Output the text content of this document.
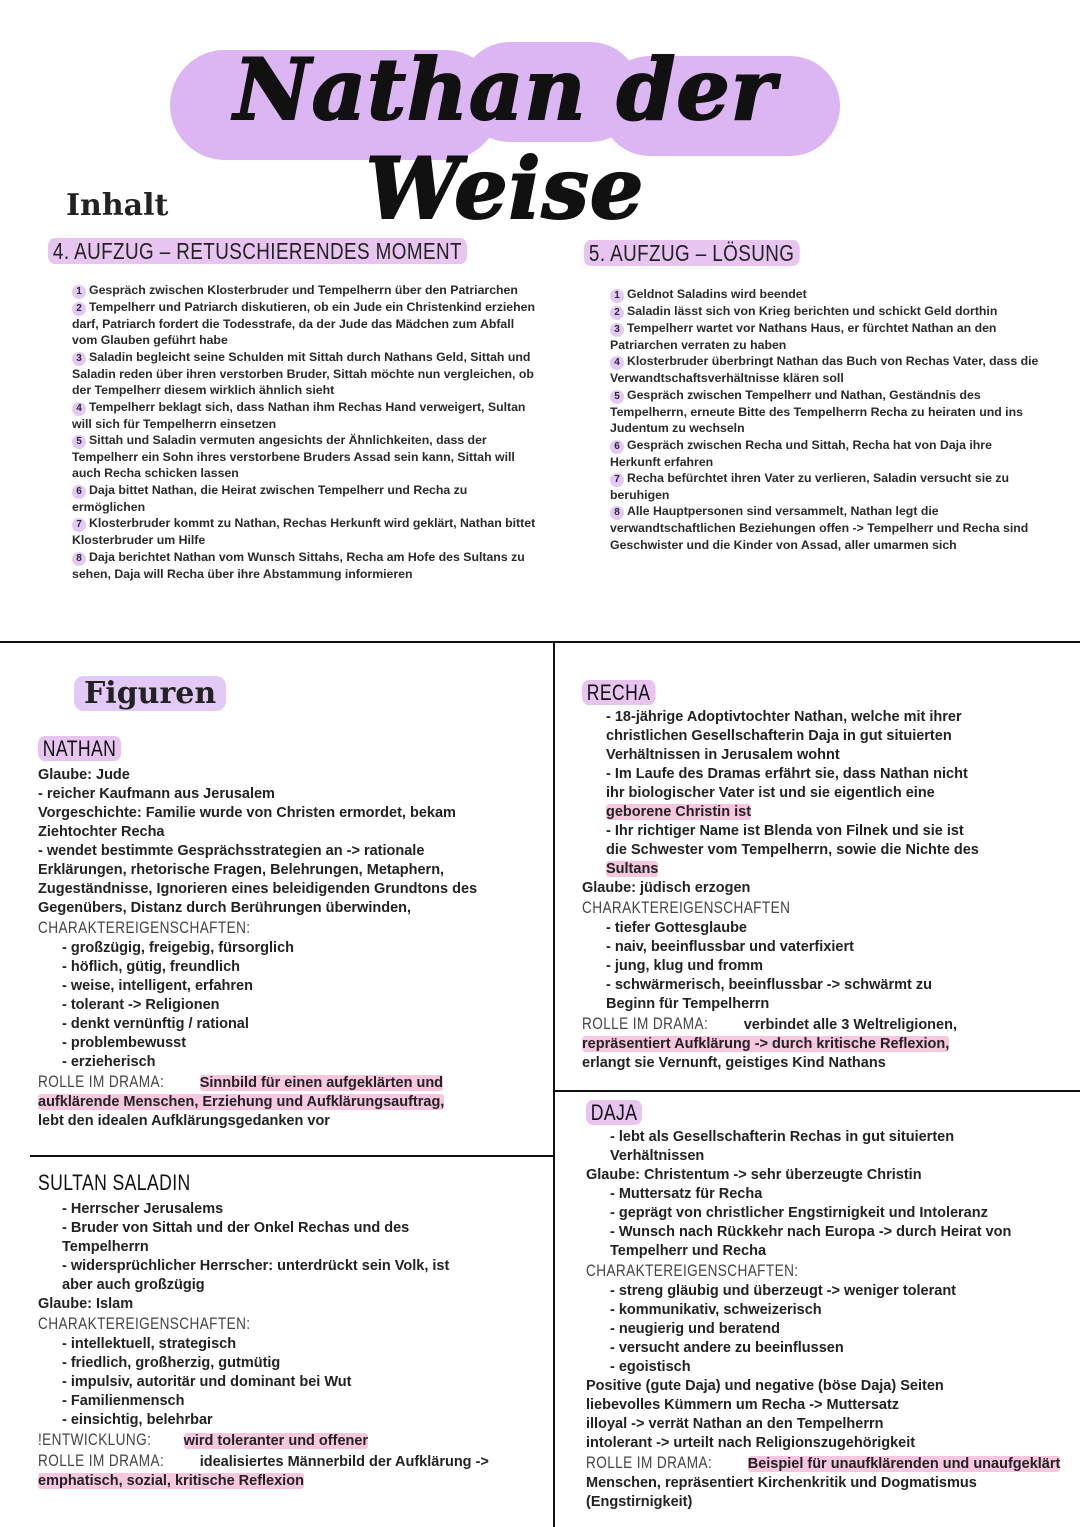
Nathan der Weise
Inhalt
4. AUFZUG – RETUSCHIERENDES MOMENT

1 Gespräch zwischen Klosterbruder und Tempelherrn über den Patriarchen

2 Tempelherr und Patriarch diskutieren, ob ein Jude ein Christenkind erziehen darf, Patriarch fordert die Todesstrafe, da der Jude das Mädchen zum Abfall vom Glauben geführt habe

3 Saladin begleicht seine Schulden mit Sittah durch Nathans Geld, Sittah und Saladin reden über ihren verstorben Bruder, Sittah möchte nun vergleichen, ob der Tempelherr diesem wirklich ähnlich sieht

4 Tempelherr beklagt sich, dass Nathan ihm Rechas Hand verweigert, Sultan will sich für Tempelherrn einsetzen

5 Sittah und Saladin vermuten angesichts der Ähnlichkeiten, dass der Tempelherr ein Sohn ihres verstorbene Bruders Assad sein kann, Sittah will auch Recha schicken lassen

6 Daja bittet Nathan, die Heirat zwischen Tempelherr und Recha zu ermöglichen

7 Klosterbruder kommt zu Nathan, Rechas Herkunft wird geklärt, Nathan bittet Klosterbruder um Hilfe

8 Daja berichtet Nathan vom Wunsch Sittahs, Recha am Hofe des Sultans zu sehen, Daja will Recha über ihre Abstammung informieren

5. AUFZUG – LÖSUNG

1 Geldnot Saladins wird beendet

2 Saladin lässt sich von Krieg berichten und schickt Geld dorthin

3 Tempelherr wartet vor Nathans Haus, er fürchtet Nathan an den Patriarchen verraten zu haben

4 Klosterbruder überbringt Nathan das Buch von Rechas Vater, dass die Verwandtschaftsverhältnisse klären soll

5 Gespräch zwischen Tempelherr und Nathan, Geständnis des Tempelherrn, erneute Bitte des Tempelherrn Recha zu heiraten und ins Judentum zu wechseln

6 Gespräch zwischen Recha und Sittah, Recha hat von Daja ihre Herkunft erfahren

7 Recha befürchtet ihren Vater zu verlieren, Saladin versucht sie zu beruhigen

8 Alle Hauptpersonen sind versammelt, Nathan legt die verwandtschaftlichen Beziehungen offen -> Tempelherr und Recha sind Geschwister und die Kinder von Assad, aller umarmen sich

Figuren
NATHAN
Glaube: Jude
- reicher Kaufmann aus Jerusalem
Vorgeschichte: Familie wurde von Christen ermordet, bekam
Ziehtochter Recha
- wendet bestimmte Gesprächsstrategien an -> rationale
Erklärungen, rhetorische Fragen, Belehrungen, Metaphern,
Zugeständnisse, Ignorieren eines beleidigenden Grundtons des
Gegenübers, Distanz durch Berührungen überwinden,
CHARAKTEREIGENSCHAFTEN:
- großzügig, freigebig, fürsorglich
- höflich, gütig, freundlich
- weise, intelligent, erfahren
- tolerant -> Religionen
- denkt vernünftig / rational
- problembewusst
- erzieherisch
ROLLE IM DRAMA: Sinnbild für einen aufgeklärten und
aufklärende Menschen, Erziehung und Aufklärungsauftrag,
lebt den idealen Aufklärungsgedanken vor
SULTAN SALADIN
- Herrscher Jerusalems
- Bruder von Sittah und der Onkel Rechas und des
Tempelherrn
- widersprüchlicher Herrscher: unterdrückt sein Volk, ist
aber auch großzügig
Glaube: Islam
CHARAKTEREIGENSCHAFTEN:
- intellektuell, strategisch
- friedlich, großherzig, gutmütig
- impulsiv, autoritär und dominant bei Wut
- Familienmensch
- einsichtig, belehrbar
!ENTWICKLUNG: wird toleranter und offener
ROLLE IM DRAMA: idealisiertes Männerbild der Aufklärung ->
emphatisch, sozial, kritische Reflexion
RECHA
- 18-jährige Adoptivtochter Nathan, welche mit ihrer
christlichen Gesellschafterin Daja in gut situierten
Verhältnissen in Jerusalem wohnt
- Im Laufe des Dramas erfährt sie, dass Nathan nicht
ihr biologischer Vater ist und sie eigentlich eine
geborene Christin ist
- Ihr richtiger Name ist Blenda von Filnek und sie ist
die Schwester vom Tempelherrn, sowie die Nichte des
Sultans
Glaube: jüdisch erzogen
CHARAKTEREIGENSCHAFTEN
- tiefer Gottesglaube
- naiv, beeinflussbar und vaterfixiert
- jung, klug und fromm
- schwärmerisch, beeinflussbar -> schwärmt zu
Beginn für Tempelherrn
ROLLE IM DRAMA: verbindet alle 3 Weltreligionen,
repräsentiert Aufklärung -> durch kritische Reflexion,
erlangt sie Vernunft, geistiges Kind Nathans
DAJA
- lebt als Gesellschafterin Rechas in gut situierten
Verhältnissen
Glaube: Christentum -> sehr überzeugte Christin
- Muttersatz für Recha
- geprägt von christlicher Engstirnigkeit und Intoleranz
- Wunsch nach Rückkehr nach Europa -> durch Heirat von
Tempelherr und Recha
CHARAKTEREIGENSCHAFTEN:
- streng gläubig und überzeugt -> weniger tolerant
- kommunikativ, schweizerisch
- neugierig und beratend
- versucht andere zu beeinflussen
- egoistisch
Positive (gute Daja) und negative (böse Daja) Seiten
liebevolles Kümmern um Recha -> Muttersatz
illoyal -> verrät Nathan an den Tempelherrn
intolerant -> urteilt nach Religionszugehörigkeit
ROLLE IM DRAMA: Beispiel für unaufklärenden und unaufgeklärt
Menschen, repräsentiert Kirchenkritik und Dogmatismus
(Engstirnigkeit)
